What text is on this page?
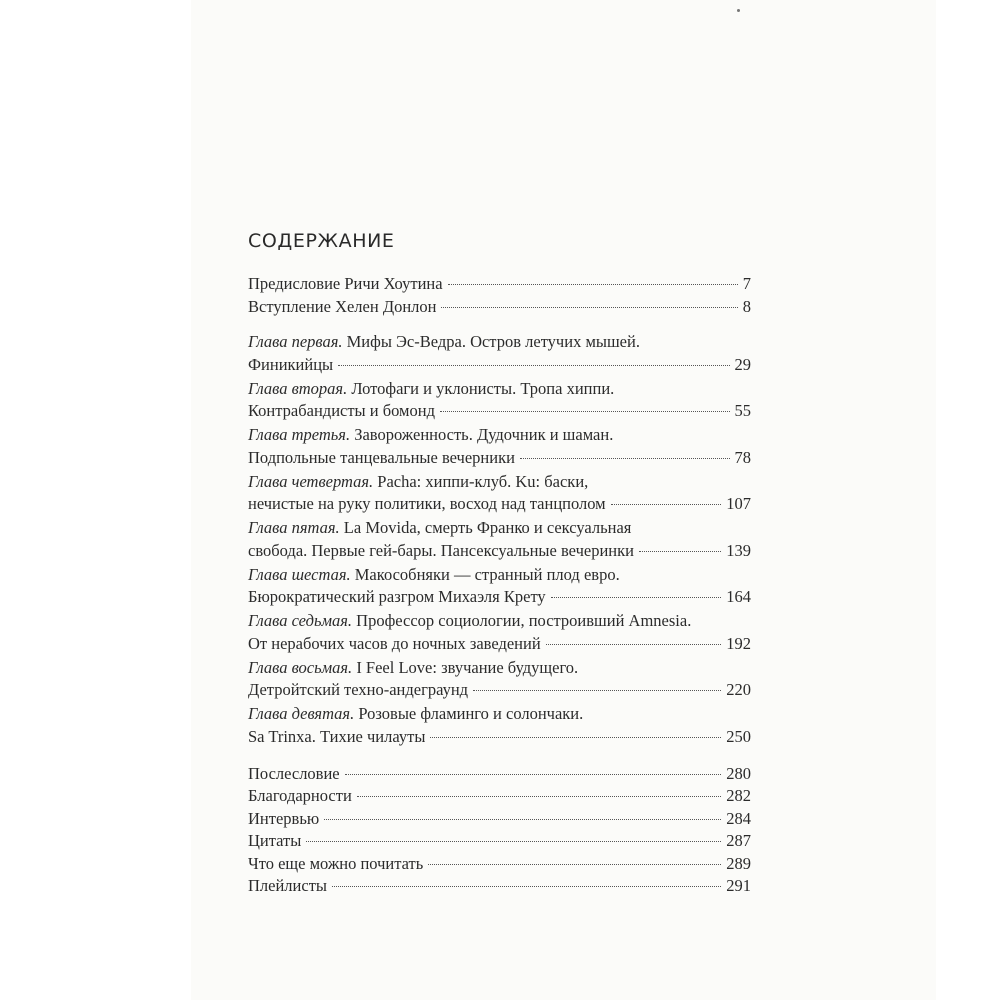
СОДЕРЖАНИЕ
Предисловие Ричи Хоутина	7
Вступление Хелен Донлон	8
Глава первая. Мифы Эс-Ведра. Остров летучих мышей.
Финикийцы	29
Глава вторая. Лотофаги и уклонисты. Тропа хиппи.
Контрабандисты и бомонд	55
Глава третья. Завороженность. Дудочник и шаман.
Подпольные танцевальные вечерники	78
Глава четвертая. Pacha: хиппи-клуб. Ku: баски,
нечистые на руку политики, восход над танцполом	107
Глава пятая. La Movida, смерть Франко и сексуальная
свобода. Первые гей-бары. Пансексуальные вечеринки	139
Глава шестая. Макособняки — странный плод евро.
Бюрократический разгром Михаэля Крету	164
Глава седьмая. Профессор социологии, построивший Amnesia.
От нерабочих часов до ночных заведений	192
Глава восьмая. I Feel Love: звучание будущего.
Детройтский техно-андеграунд	220
Глава девятая. Розовые фламинго и солончаки.
Sa Trinxa. Тихие чилауты	250
Послесловие	280
Благодарности	282
Интервью	284
Цитаты	287
Что еще можно почитать	289
Плейлисты	291
